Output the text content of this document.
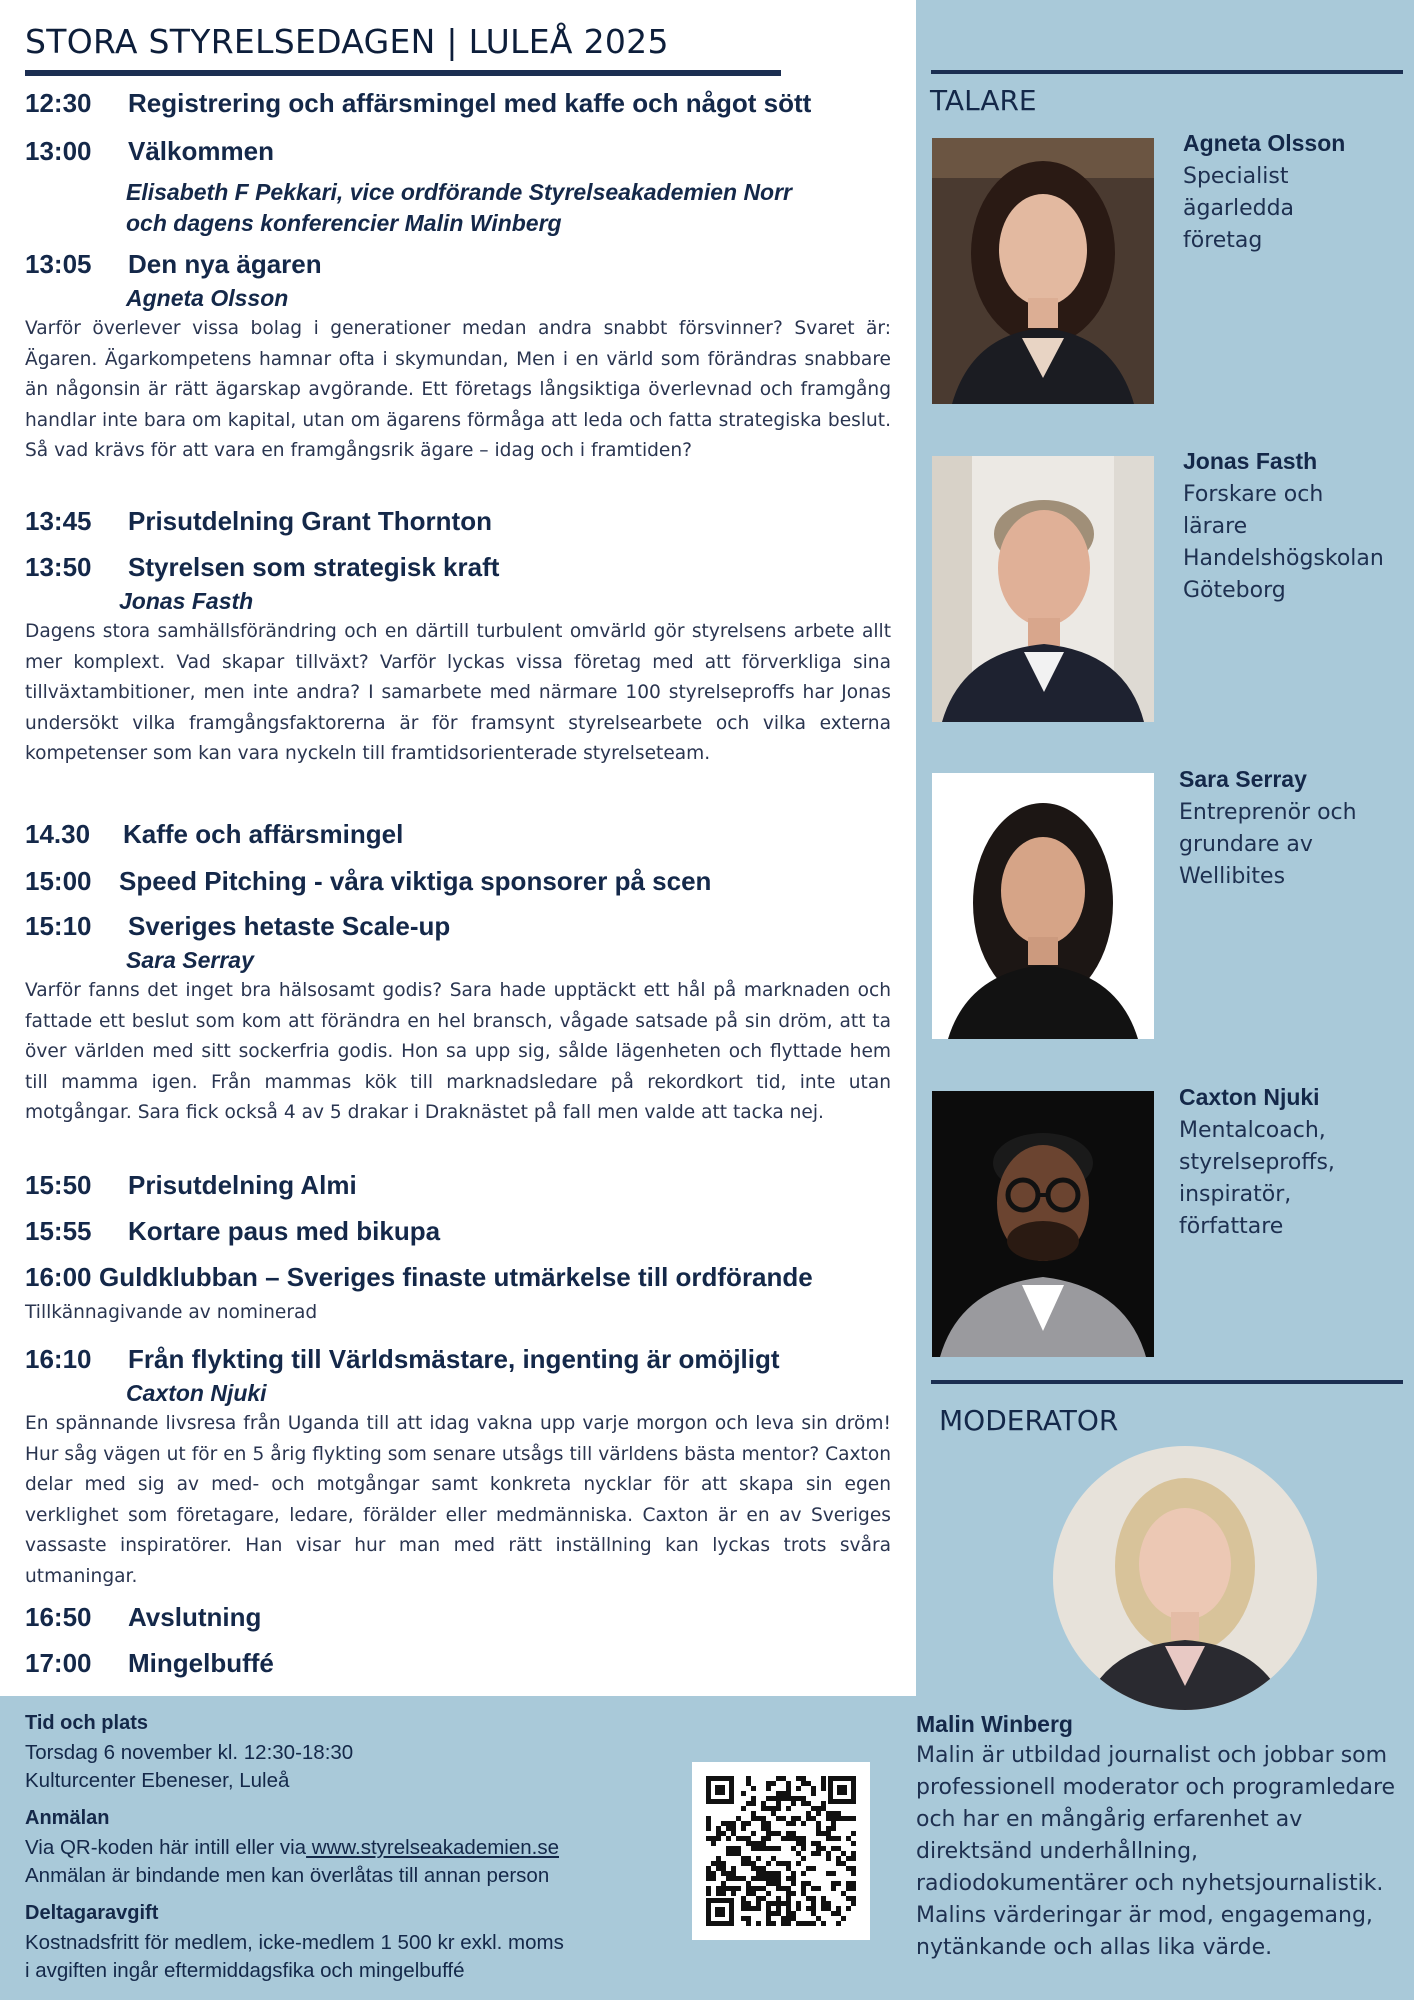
STORA STYRELSEDAGEN | LULEÅ 2025
12:30 Registrering och affärsmingel med kaffe och något sött
13:00 Välkommen
Elisabeth F Pekkari, vice ordförande Styrelseakademien Norr
och dagens konferencier Malin Winberg
13:05 Den nya ägaren
Agneta Olsson
Varför överlever vissa bolag i generationer medan andra snabbt försvinner? Svaret är: Ägaren. Ägarkompetens hamnar ofta i skymundan, Men i en värld som förändras snabbare än någonsin är rätt ägarskap avgörande. Ett företags långsiktiga överlevnad och framgång handlar inte bara om kapital, utan om ägarens förmåga att leda och fatta strategiska beslut. Så vad krävs för att vara en framgångsrik ägare – idag och i framtiden?
13:45 Prisutdelning Grant Thornton
13:50 Styrelsen som strategisk kraft
Jonas Fasth
Dagens stora samhällsförändring och en därtill turbulent omvärld gör styrelsens arbete allt mer komplext. Vad skapar tillväxt? Varför lyckas vissa företag med att förverkliga sina tillväxtambitioner, men inte andra? I samarbete med närmare 100 styrelseproffs har Jonas undersökt vilka framgångsfaktorerna är för framsynt styrelsearbete och vilka externa kompetenser som kan vara nyckeln till framtidsorienterade styrelseteam.
14.30 Kaffe och affärsmingel
15:00 Speed Pitching - våra viktiga sponsorer på scen
15:10 Sveriges hetaste Scale-up
Sara Serray
Varför fanns det inget bra hälsosamt godis? Sara hade upptäckt ett hål på marknaden och fattade ett beslut som kom att förändra en hel bransch, vågade satsade på sin dröm, att ta över världen med sitt sockerfria godis. Hon sa upp sig, sålde lägenheten och flyttade hem till mamma igen. Från mammas kök till marknadsledare på rekordkort tid, inte utan motgångar. Sara fick också 4 av 5 drakar i Draknästet på fall men valde att tacka nej.
15:50 Prisutdelning Almi
15:55 Kortare paus med bikupa
16:00 Guldklubban – Sveriges finaste utmärkelse till ordförande
Tillkännagivande av nominerad
16:10 Från flykting till Världsmästare, ingenting är omöjligt
Caxton Njuki
En spännande livsresa från Uganda till att idag vakna upp varje morgon och leva sin dröm! Hur såg vägen ut för en 5 årig flykting som senare utsågs till världens bästa mentor? Caxton delar med sig av med- och motgångar samt konkreta nycklar för att skapa sin egen verklighet som företagare, ledare, förälder eller medmänniska. Caxton är en av Sveriges vassaste inspiratörer. Han visar hur man med rätt inställning kan lyckas trots svåra utmaningar.
16:50 Avslutning
17:00 Mingelbuffé
TALARE
Agneta Olsson
Specialist
ägarledda
företag
Jonas Fasth
Forskare och
lärare
Handelshögskolan
Göteborg
Sara Serray
Entreprenör och
grundare av
Wellibites
Caxton Njuki
Mentalcoach,
styrelseproffs,
inspiratör,
författare
MODERATOR
Malin Winberg
Malin är utbildad journalist och jobbar som professionell moderator och programledare och har en mångårig erfarenhet av direktsänd underhållning, radiodokumentärer och nyhetsjournalistik. Malins värderingar är mod, engagemang, nytänkande och allas lika värde.
Tid och plats
Torsdag 6 november kl. 12:30-18:30
Kulturcenter Ebeneser, Luleå
Anmälan
Via QR-koden här intill eller via www.styrelseakademien.se
Anmälan är bindande men kan överlåtas till annan person
Deltagaravgift
Kostnadsfritt för medlem, icke-medlem 1 500 kr exkl. moms
i avgiften ingår eftermiddagsfika och mingelbuffé
